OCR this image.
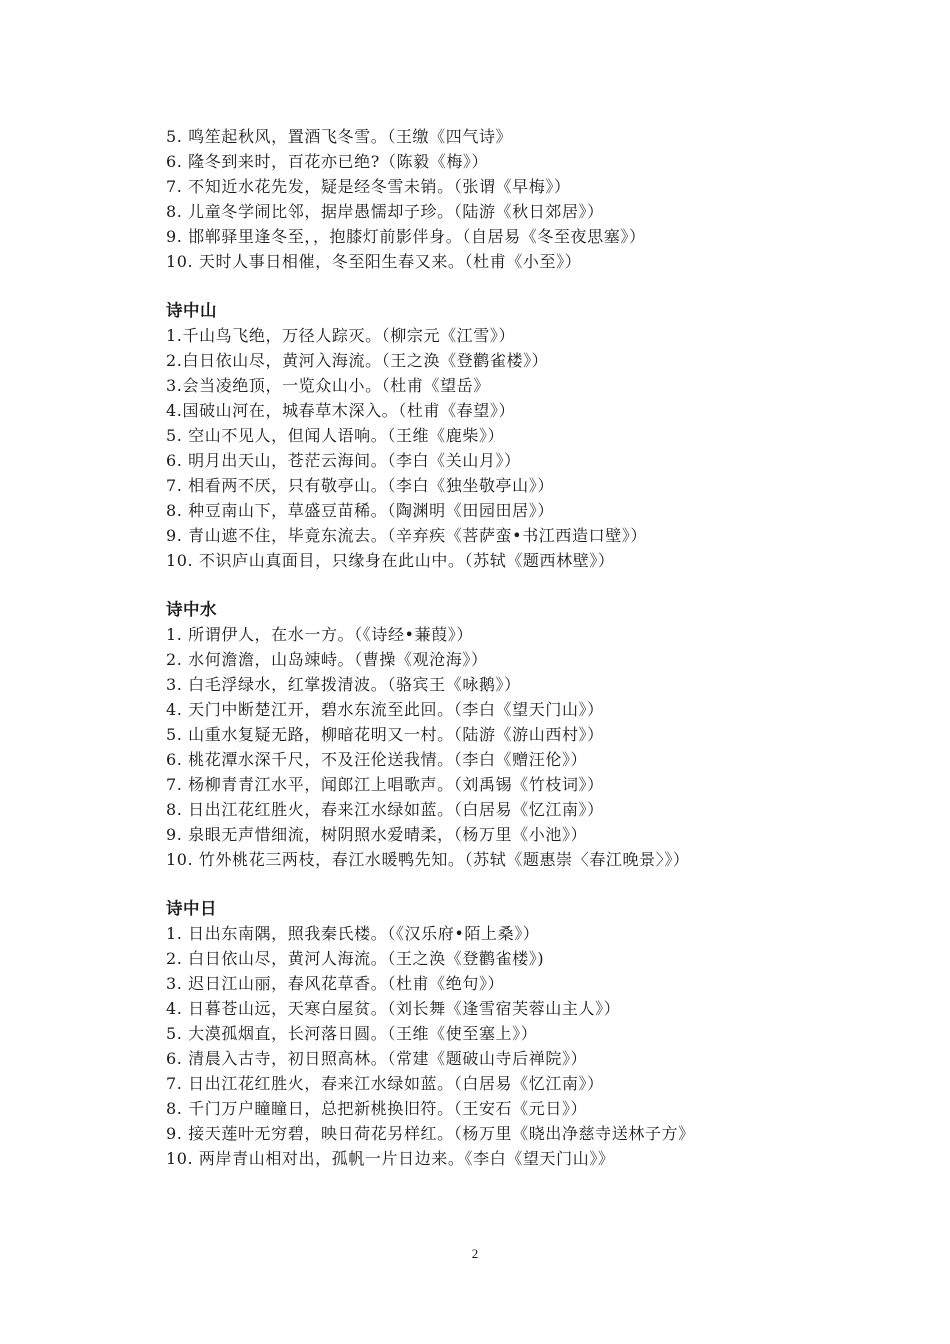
5. 鸣笙起秋风，置酒飞冬雪。（王缴《四气诗》
6. 隆冬到来时，百花亦已绝?（陈毅《梅》）
7. 不知近水花先发，疑是经冬雪未销。（张谓《早梅》）
8. 儿童冬学闹比邻，据岸愚懦却子珍。（陆游《秋日郊居》）
9. 邯郸驿里逢冬至，，抱膝灯前影伴身。（自居易《冬至夜思塞》）
10. 天时人事日相催，冬至阳生春又来。（杜甫《小至》）
诗中山
1.千山鸟飞绝，万径人踪灭。（柳宗元《江雪》）
2.白日依山尽，黄河入海流。（王之涣《登鹳雀楼》）
3.会当凌绝顶，一览众山小。（杜甫《望岳》
4.国破山河在，城春草木深入。（杜甫《春望》）
5. 空山不见人，但闻人语响。（王维《鹿柴》）
6. 明月出天山，苍茫云海间。（李白《关山月》）
7. 相看两不厌，只有敬亭山。（李白《独坐敬亭山》）
8. 种豆南山下，草盛豆苗稀。（陶渊明《田园田居》）
9. 青山遮不住，毕竟东流去。（辛弃疾《菩萨蛮•书江西造口壁》）
10. 不识庐山真面目，只缘身在此山中。（苏轼《题西林壁》）
诗中水
1. 所谓伊人，在水一方。（《诗经•蒹葭》）
2. 水何澹澹，山岛竦峙。（曹操《观沧海》）
3. 白毛浮绿水，红掌拨清波。（骆宾王《咏鹅》）
4. 天门中断楚江开，碧水东流至此回。（李白《望天门山》）
5. 山重水复疑无路，柳暗花明又一村。（陆游《游山西村》）
6. 桃花潭水深千尺，不及汪伦送我情。（李白《赠汪伦》）
7. 杨柳青青江水平，闻郎江上唱歌声。（刘禹锡《竹枝词》）
8. 日出江花红胜火，春来江水绿如蓝。（白居易《忆江南》）
9. 泉眼无声惜细流，树阴照水爱晴柔，（杨万里《小池》）
10. 竹外桃花三两枝，春江水暖鸭先知。（苏轼《题惠崇〈春江晚景〉》）
诗中日
1. 日出东南隅，照我秦氏楼。（《汉乐府•陌上桑》）
2. 白日依山尽，黄河人海流。（王之涣《登鹳雀楼》)
3. 迟日江山丽，春风花草香。（杜甫《绝句》）
4. 日暮苍山远，天寒白屋贫。（刘长舞《逢雪宿芙蓉山主人》）
5. 大漠孤烟直，长河落日圆。（王维《使至塞上》）
6. 清晨入古寺，初日照高林。（常建《题破山寺后禅院》）
7. 日出江花红胜火，春来江水绿如蓝。（白居易《忆江南》）
8. 千门万户瞳瞳日，总把新桃换旧符。（王安石《元日》）
9. 接天莲叶无穷碧，映日荷花另样红。（杨万里《晓出净慈寺送林子方》
10. 两岸青山相对出，孤帆一片日边来。《李白《望天门山》》
2
